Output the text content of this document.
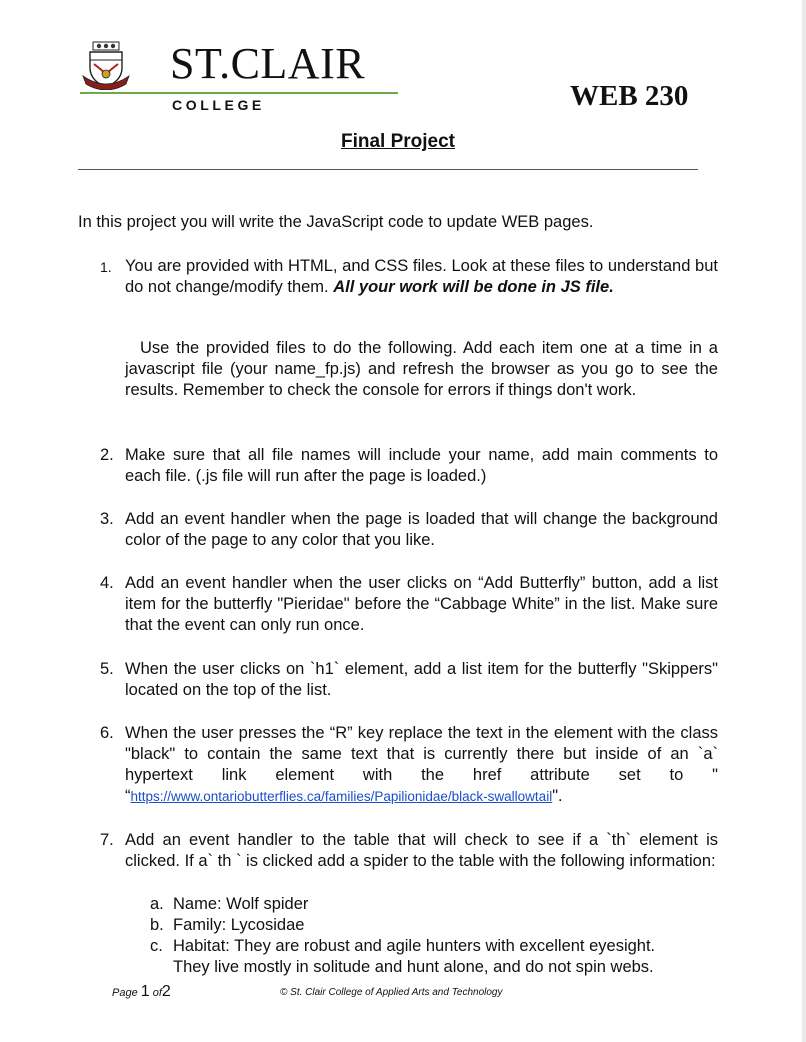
ST.CLAIR
COLLEGE	WEB 230
Final Project
In this project you will write the JavaScript code to update WEB pages.
1. You are provided with HTML, and CSS files. Look at these files to understand but do not change/modify them. All your work will be done in JS file.

Use the provided files to do the following. Add each item one at a time in a javascript file (your name_fp.js) and refresh the browser as you go to see the results. Remember to check the console for errors if things don't work.
2. Make sure that all file names will include your name, add main comments to each file. (.js file will run after the page is loaded.)

3. Add an event handler when the page is loaded that will change the background color of the page to any color that you like.

4. Add an event handler when the user clicks on “Add Butterfly” button, add a list item for the butterfly "Pieridae" before the “Cabbage White” in the list. Make sure that the event can only run once.

5. When the user clicks on `h1` element, add a list item for the butterfly "Skippers" located on the top of the list.

6. When the user presses the “R” key replace the text in the element with the class "black" to contain the same text that is currently there but inside of an `a` hypertext link element with the href attribute set to " “https://www.ontariobutterflies.ca/families/Papilionidae/black-swallowtail".

7. Add an event handler to the table that will check to see if a `th` element is clicked. If a` th ` is clicked add a spider to the table with the following information:

a. Name: Wolf spider
b. Family: Lycosidae
c. Habitat: They are robust and agile hunters with excellent eyesight.
They live mostly in solitude and hunt alone, and do not spin webs.
Page 1 of2	© St. Clair College of Applied Arts and Technology
